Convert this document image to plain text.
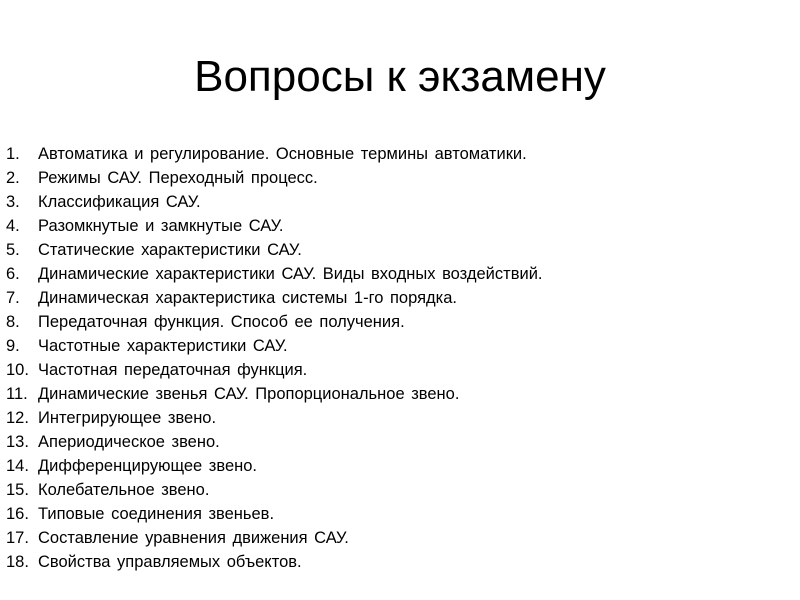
Вопросы к экзамену
1.	Автоматика и регулирование. Основные термины автоматики.
2.	Режимы САУ. Переходный процесс.
3.	Классификация САУ.
4.	Разомкнутые и замкнутые САУ.
5.	Статические характеристики САУ.
6.	Динамические характеристики САУ. Виды входных воздействий.
7.	Динамическая характеристика системы 1-го порядка.
8.	Передаточная функция. Способ ее получения.
9.	Частотные характеристики САУ.
10. Частотная передаточная функция.
11. Динамические звенья САУ. Пропорциональное звено.
12. Интегрирующее звено.
13. Апериодическое звено.
14. Дифференцирующее звено.
15. Колебательное звено.
16. Типовые соединения звеньев.
17. Составление уравнения движения САУ.
18. Свойства управляемых объектов.
